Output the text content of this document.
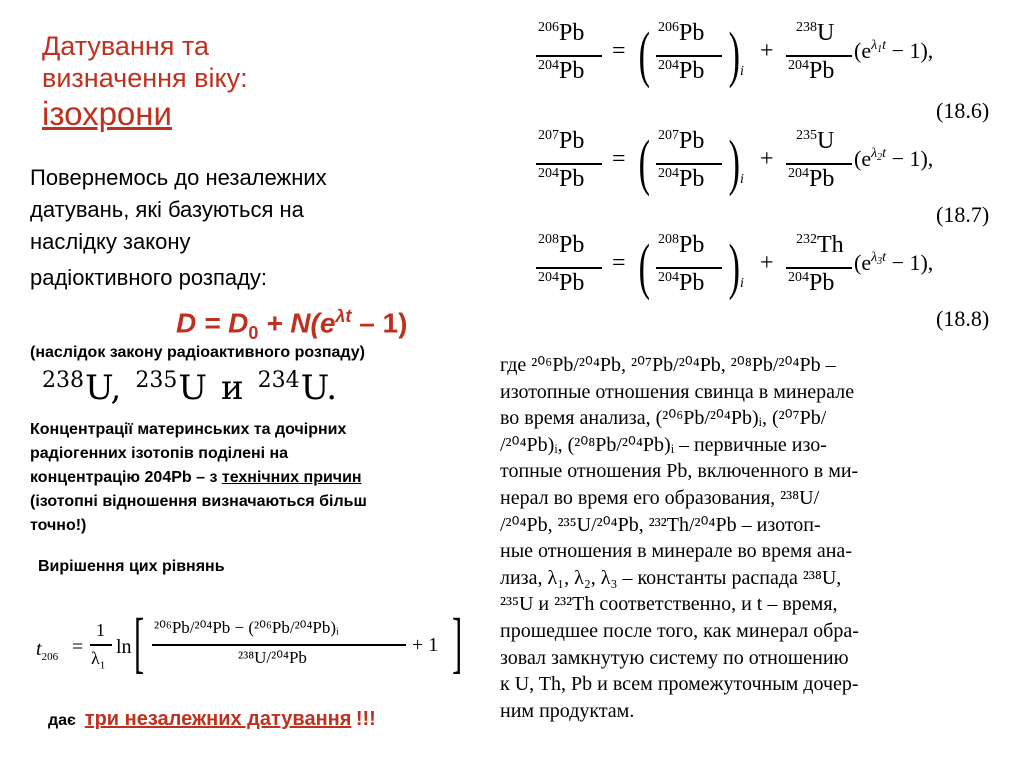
Датування та
визначення віку:
ізохрони
Повернемось до незалежних
датувань, які базуються на
наслідку закону
радіоктивного розпаду:
$D = D_0 + N(e^{\lambda t} - 1)$
(наслідок закону радіоактивного розпаду)
$^{238}$U, $^{235}$U и $^{234}$U.
Концентрації материнських та дочірних
радіогенних ізотопів поділені на
концентрацію 204Pb – з технічних причин
(ізотопні відношення визначаються більш
точно!)
Вирішення цих рівнянь
$t_{206}$ =
1
$\lambda_1$
ln [ ²⁰⁶Pb/²⁰⁴Pb − (²⁰⁶Pb/²⁰⁴Pb)ᵢ
²³⁸U/²⁰⁴Pb
+ 1 ]
дає три незалежних датування !!!
$^{206}$Pb
$^{204}$Pb
= ( $^{206}$Pb
$^{204}$Pb ) i
+
$^{238}$U
$^{204}$Pb
$(e^{\lambda_1t} - 1)$,
(18.6)
$^{207}$Pb
$^{204}$Pb
= ( $^{207}$Pb
$^{204}$Pb ) i
+
$^{235}$U
$^{204}$Pb
$(e^{\lambda_2t} - 1)$,
(18.7)
$^{208}$Pb
$^{204}$Pb
= ( $^{208}$Pb
$^{204}$Pb ) i
+
$^{232}$Th
$^{204}$Pb
$(e^{\lambda_3t} - 1)$,
(18.8)

где ²⁰⁶Pb/²⁰⁴Pb, ²⁰⁷Pb/²⁰⁴Pb, ²⁰⁸Pb/²⁰⁴Pb –

изотопные отношения свинца в минерале

во время анализа, (²⁰⁶Pb/²⁰⁴Pb)ᵢ, (²⁰⁷Pb/

/²⁰⁴Pb)ᵢ, (²⁰⁸Pb/²⁰⁴Pb)ᵢ – первичные изо-

топные отношения Pb, включенного в ми-

нерал во время его образования, ²³⁸U/

/²⁰⁴Pb, ²³⁵U/²⁰⁴Pb, ²³²Th/²⁰⁴Pb – изотоп-

ные отношения в минерале во время ана-

лиза, λ₁, λ₂, λ₃ – константы распада ²³⁸U,

²³⁵U и ²³²Th соответственно, и t – время,

прошедшее после того, как минерал обра-

зовал замкнутую систему по отношению

к U, Th, Pb и всем промежуточным дочер-

ним продуктам.
